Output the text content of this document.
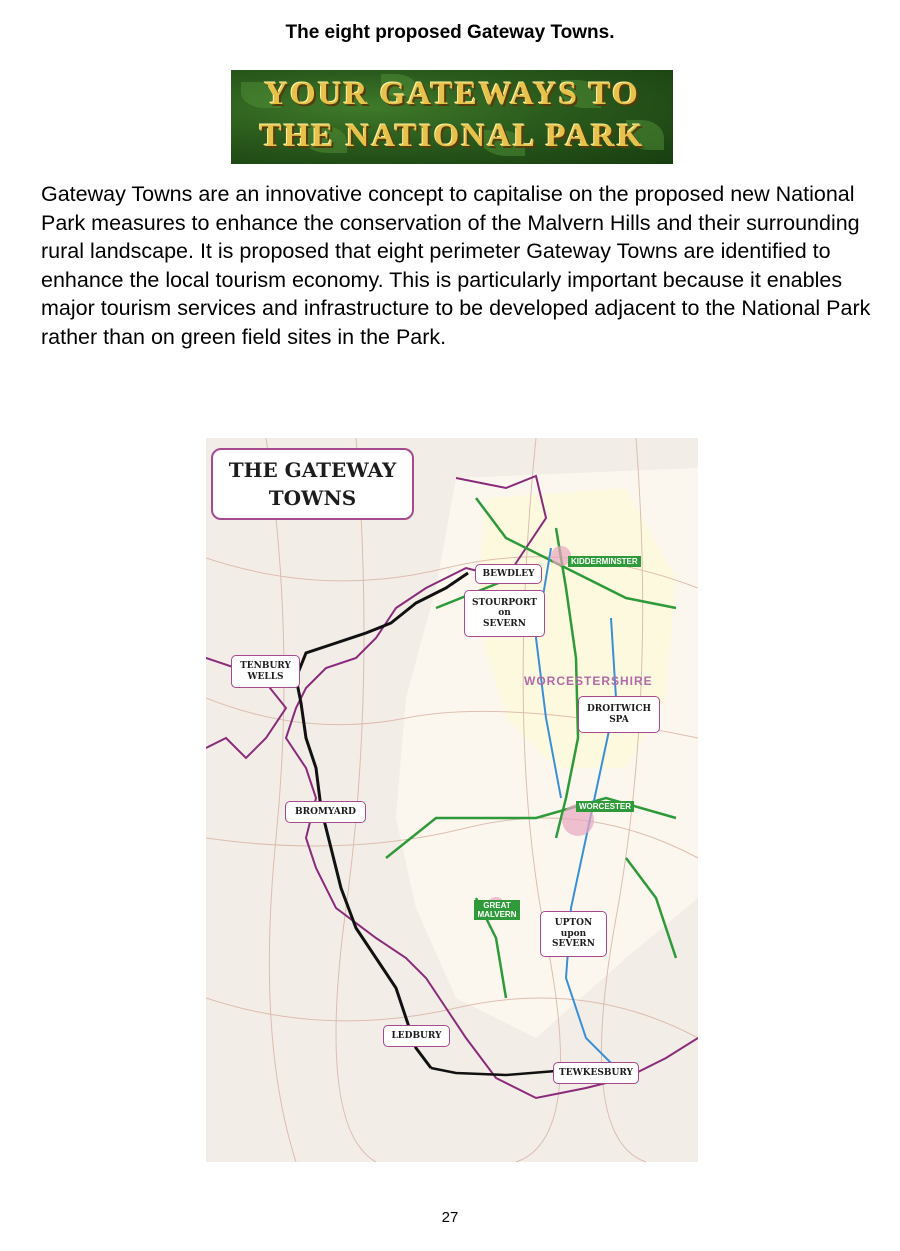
The eight proposed Gateway Towns.
YOUR GATEWAYS TO
THE NATIONAL PARK
Gateway Towns are an innovative concept to capitalise on the proposed new National Park measures to enhance the conservation of the Malvern Hills and their surrounding rural landscape. It is proposed that eight perimeter Gateway Towns are identified to enhance the local tourism economy. This is particularly important because it enables major tourism services and infrastructure to be developed adjacent to the National Park rather than on green field sites in the Park.
THE GATEWAY
TOWNS
WORCESTERSHIRE
KIDDERMINSTER
WORCESTER
BEWDLEY
STOURPORT
on
SEVERN
TENBURY
WELLS
DROITWICH
SPA
BROMYARD
GREAT MALVERN
UPTON
upon
SEVERN
LEDBURY
TEWKESBURY
27
